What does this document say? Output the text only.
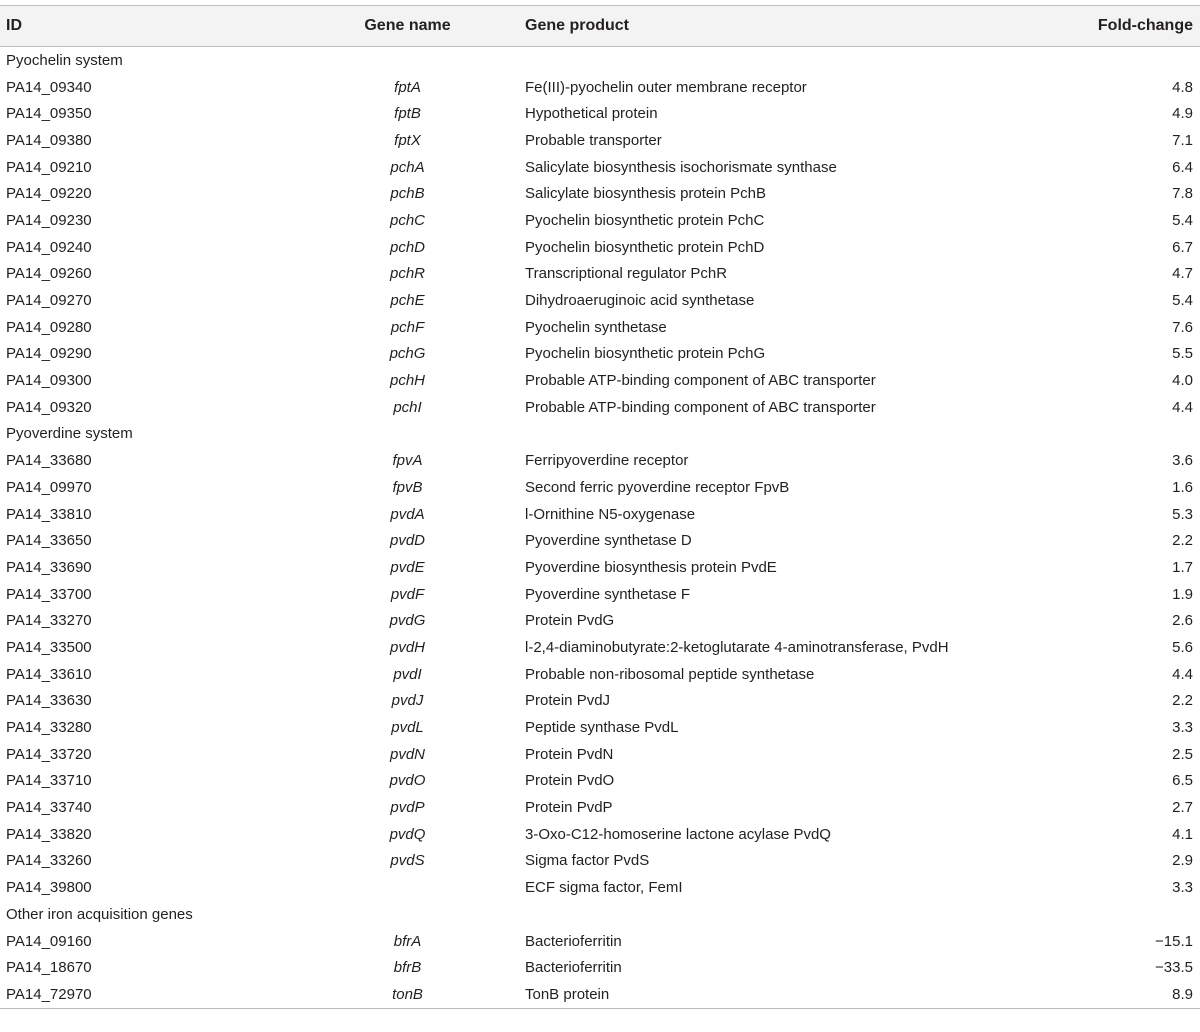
ID	Gene name	Gene product	Fold-change
Pyochelin system			
PA14_09340	fptA	Fe(III)-pyochelin outer membrane receptor	4.8
PA14_09350	fptB	Hypothetical protein	4.9
PA14_09380	fptX	Probable transporter	7.1
PA14_09210	pchA	Salicylate biosynthesis isochorismate synthase	6.4
PA14_09220	pchB	Salicylate biosynthesis protein PchB	7.8
PA14_09230	pchC	Pyochelin biosynthetic protein PchC	5.4
PA14_09240	pchD	Pyochelin biosynthetic protein PchD	6.7
PA14_09260	pchR	Transcriptional regulator PchR	4.7
PA14_09270	pchE	Dihydroaeruginoic acid synthetase	5.4
PA14_09280	pchF	Pyochelin synthetase	7.6
PA14_09290	pchG	Pyochelin biosynthetic protein PchG	5.5
PA14_09300	pchH	Probable ATP-binding component of ABC transporter	4.0
PA14_09320	pchI	Probable ATP-binding component of ABC transporter	4.4
Pyoverdine system			
PA14_33680	fpvA	Ferripyoverdine receptor	3.6
PA14_09970	fpvB	Second ferric pyoverdine receptor FpvB	1.6
PA14_33810	pvdA	l-Ornithine N5-oxygenase	5.3
PA14_33650	pvdD	Pyoverdine synthetase D	2.2
PA14_33690	pvdE	Pyoverdine biosynthesis protein PvdE	1.7
PA14_33700	pvdF	Pyoverdine synthetase F	1.9
PA14_33270	pvdG	Protein PvdG	2.6
PA14_33500	pvdH	l-2,4-diaminobutyrate:2-ketoglutarate 4-aminotransferase, PvdH	5.6
PA14_33610	pvdI	Probable non-ribosomal peptide synthetase	4.4
PA14_33630	pvdJ	Protein PvdJ	2.2
PA14_33280	pvdL	Peptide synthase PvdL	3.3
PA14_33720	pvdN	Protein PvdN	2.5
PA14_33710	pvdO	Protein PvdO	6.5
PA14_33740	pvdP	Protein PvdP	2.7
PA14_33820	pvdQ	3-Oxo-C12-homoserine lactone acylase PvdQ	4.1
PA14_33260	pvdS	Sigma factor PvdS	2.9
PA14_39800		ECF sigma factor, FemI	3.3
Other iron acquisition genes			
PA14_09160	bfrA	Bacterioferritin	−15.1
PA14_18670	bfrB	Bacterioferritin	−33.5
PA14_72970	tonB	TonB protein	8.9
